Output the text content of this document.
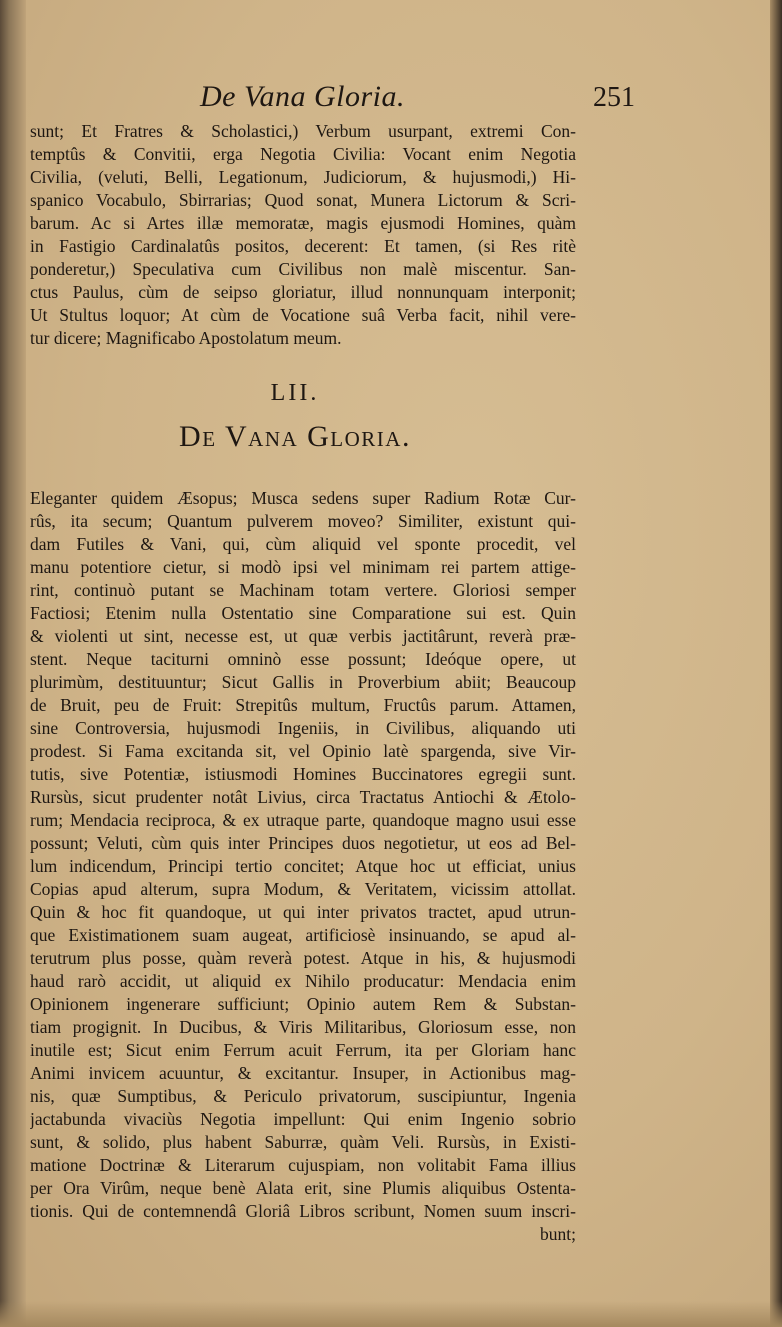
De Vana Gloria.	251
sunt; Et Fratres & Scholastici,) Verbum usurpant, extremi Con-
temptûs & Convitii, erga Negotia Civilia: Vocant enim Negotia
Civilia, (veluti, Belli, Legationum, Judiciorum, & hujusmodi,) Hi-
spanico Vocabulo, Sbirrarias; Quod sonat, Munera Lictorum & Scri-
barum. Ac si Artes illæ memoratæ, magis ejusmodi Homines, quàm
in Fastigio Cardinalatûs positos, decerent: Et tamen, (si Res ritè
ponderetur,) Speculativa cum Civilibus non malè miscentur. San-
ctus Paulus, cùm de seipso gloriatur, illud nonnunquam interponit;
Ut Stultus loquor; At cùm de Vocatione suâ Verba facit, nihil vere-
tur dicere; Magnificabo Apostolatum meum.
LII.
De Vana Gloria.
Eleganter quidem Æsopus; Musca sedens super Radium Rotæ Cur-
rûs, ita secum; Quantum pulverem moveo? Similiter, existunt qui-
dam Futiles & Vani, qui, cùm aliquid vel sponte procedit, vel
manu potentiore cietur, si modò ipsi vel minimam rei partem attige-
rint, continuò putant se Machinam totam vertere. Gloriosi semper
Factiosi; Etenim nulla Ostentatio sine Comparatione sui est. Quin
& violenti ut sint, necesse est, ut quæ verbis jactitârunt, reverà præ-
stent. Neque taciturni omninò esse possunt; Ideóque opere, ut
plurimùm, destituuntur; Sicut Gallis in Proverbium abiit; Beaucoup
de Bruit, peu de Fruit: Strepitûs multum, Fructûs parum. Attamen,
sine Controversia, hujusmodi Ingeniis, in Civilibus, aliquando uti
prodest. Si Fama excitanda sit, vel Opinio latè spargenda, sive Vir-
tutis, sive Potentiæ, istiusmodi Homines Buccinatores egregii sunt.
Rursùs, sicut prudenter notât Livius, circa Tractatus Antiochi & Ætolo-
rum; Mendacia reciproca, & ex utraque parte, quandoque magno usui esse
possunt; Veluti, cùm quis inter Principes duos negotietur, ut eos ad Bel-
lum indicendum, Principi tertio concitet; Atque hoc ut efficiat, unius
Copias apud alterum, supra Modum, & Veritatem, vicissim attollat.
Quin & hoc fit quandoque, ut qui inter privatos tractet, apud utrun-
que Existimationem suam augeat, artificiosè insinuando, se apud al-
terutrum plus posse, quàm reverà potest. Atque in his, & hujusmodi
haud rarò accidit, ut aliquid ex Nihilo producatur: Mendacia enim
Opinionem ingenerare sufficiunt; Opinio autem Rem & Substan-
tiam progignit. In Ducibus, & Viris Militaribus, Gloriosum esse, non
inutile est; Sicut enim Ferrum acuit Ferrum, ita per Gloriam hanc
Animi invicem acuuntur, & excitantur. Insuper, in Actionibus mag-
nis, quæ Sumptibus, & Periculo privatorum, suscipiuntur, Ingenia
jactabunda vivaciùs Negotia impellunt: Qui enim Ingenio sobrio
sunt, & solido, plus habent Saburræ, quàm Veli. Rursùs, in Existi-
matione Doctrinæ & Literarum cujuspiam, non volitabit Fama illius
per Ora Virûm, neque benè Alata erit, sine Plumis aliquibus Ostenta-
tionis. Qui de contemnendâ Gloriâ Libros scribunt, Nomen suum inscri-
bunt;
